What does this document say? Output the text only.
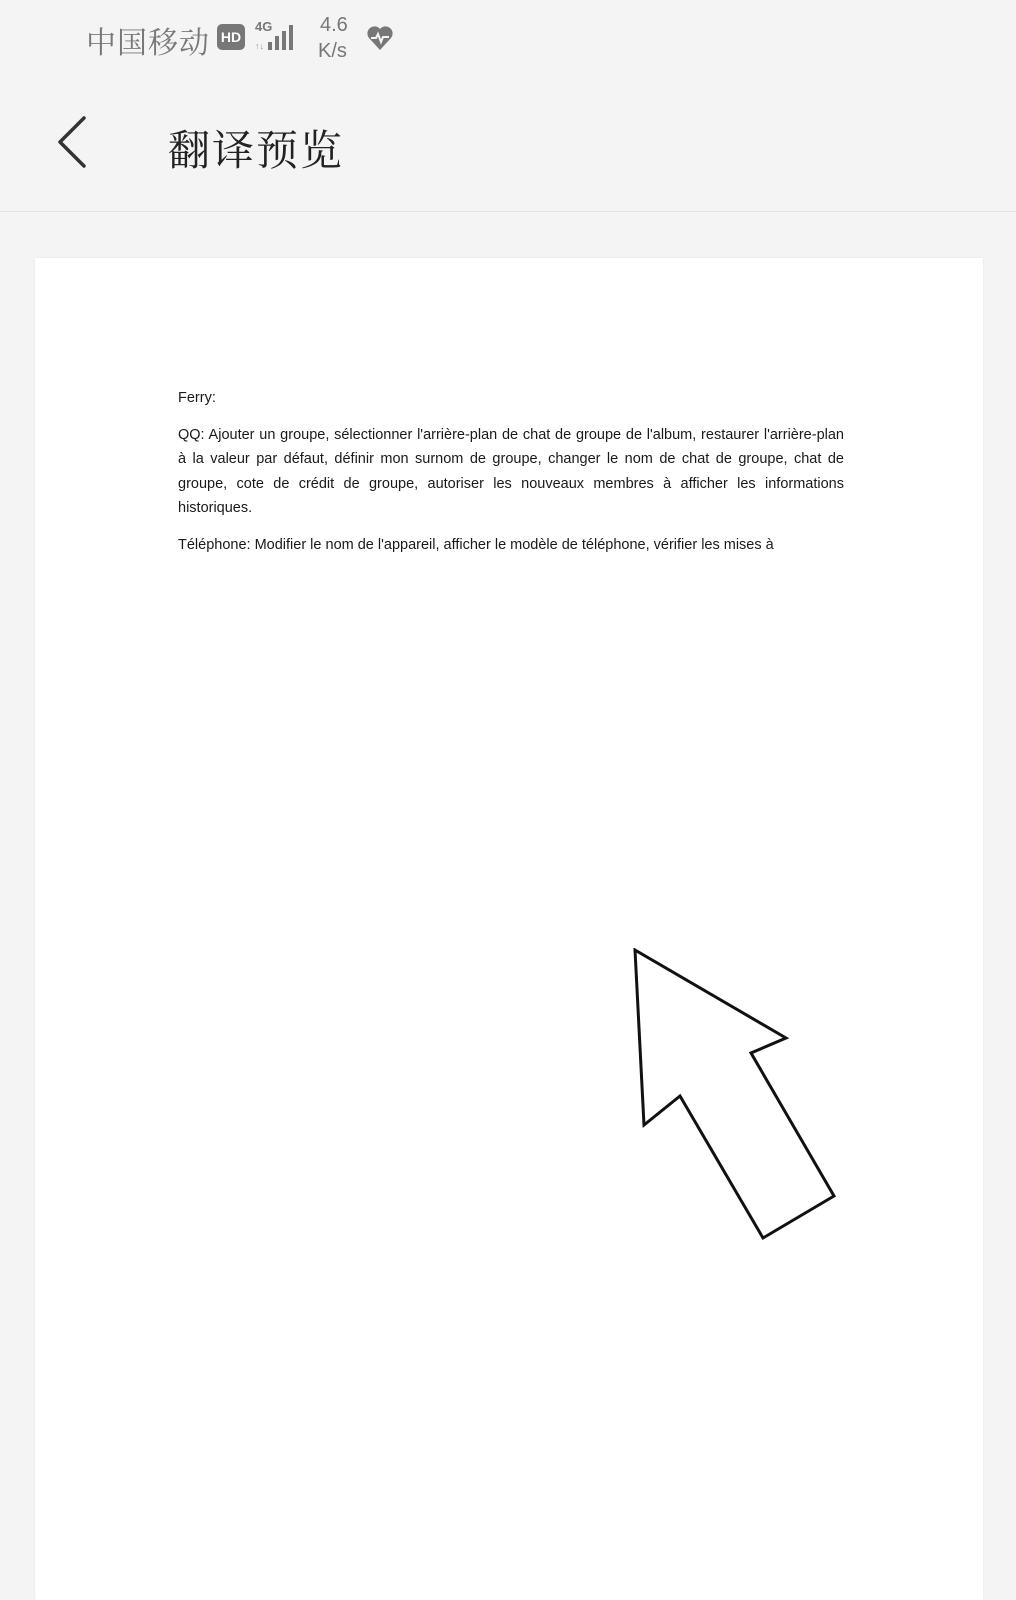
中国移动 HD
4G
↑↓
4.6
K/s
翻译预览

Ferry:

QQ: Ajouter un groupe, sélectionner l'arrière-plan de chat de groupe de l'album, restaurer l'arrière-plan à la valeur par défaut, définir mon surnom de groupe, changer le nom de chat de groupe, chat de groupe, cote de crédit de groupe, autoriser les nouveaux membres à afficher les informations historiques.

Téléphone: Modifier le nom de l'appareil, afficher le modèle de téléphone, vérifier les mises à
